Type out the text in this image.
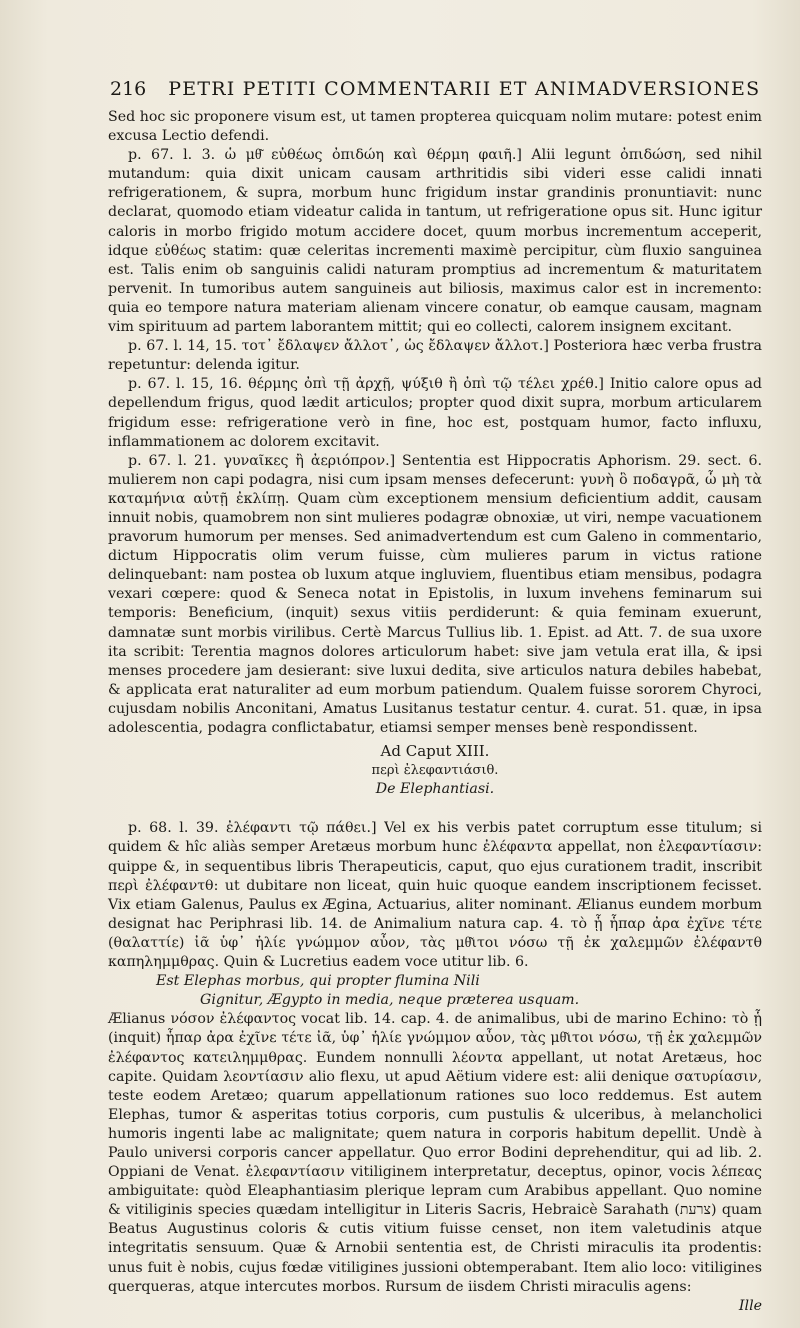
216 PETRI PETITI COMMENTARII ET ANIMADVERSIONES

Sed hoc sic proponere visum est, ut tamen propterea quicquam nolim mutare: potest enim excusa Lectio defendi.

p. 67. l. 3. ὡ μθ͂ εὐθέως ὀπιδώη καὶ θέρμη φαιῆ.] Alii legunt ὀπιδώση, sed nihil mutandum: quia dixit unicam causam arthritidis sibi videri esse calidi innati refrigerationem, & supra, morbum hunc frigidum instar grandinis pronuntiavit: nunc declarat, quomodo etiam videatur calida in tantum, ut refrigeratione opus sit. Hunc igitur caloris in morbo frigido motum accidere docet, quum morbus incrementum acceperit, idque εὐθέως statim: quæ celeritas incrementi maximè percipitur, cùm fluxio sanguinea est. Talis enim ob sanguinis calidi naturam promptius ad incrementum & maturitatem pervenit. In tumoribus autem sanguineis aut biliosis, maximus calor est in incremento: quia eo tempore natura materiam alienam vincere conatur, ob eamque causam, magnam vim spirituum ad partem laborantem mittit; qui eo collecti, calorem insignem excitant.

p. 67. l. 14, 15. τοτ᾽ ἔδλαψεν ἄλλοτ᾽, ὡς ἔδλαψεν ἄλλοτ.] Posteriora hæc verba frustra repetuntur: delenda igitur.

p. 67. l. 15, 16. θέρμης ὀπὶ τῇ ἀρχῇ, ψύξιθ ἢ ὀπὶ τῷ τέλει χρέθ.] Initio calore opus ad depellendum frigus, quod lædit articulos; propter quod dixit supra, morbum articularem frigidum esse: refrigeratione verò in fine, hoc est, postquam humor, facto influxu, inflammationem ac dolorem excitavit.

p. 67. l. 21. γυναῖκες ἢ ἀεριόπρον.] Sententia est Hippocratis Aphorism. 29. sect. 6. mulierem non capi podagra, nisi cum ipsam menses defecerunt: γυνὴ ὃ ποδαγρᾶ, ὧ μὴ τὰ καταμήνια αὐτῇ ἐκλίπῃ. Quam cùm exceptionem mensium deficientium addit, causam innuit nobis, quamobrem non sint mulieres podagræ obnoxiæ, ut viri, nempe vacuationem pravorum humorum per menses. Sed animadvertendum est cum Galeno in commentario, dictum Hippocratis olim verum fuisse, cùm mulieres parum in victus ratione delinquebant: nam postea ob luxum atque ingluviem, fluentibus etiam mensibus, podagra vexari cœpere: quod & Seneca notat in Epistolis, in luxum invehens feminarum sui temporis: Beneficium, (inquit) sexus vitiis perdiderunt: & quia feminam exuerunt, damnatæ sunt morbis virilibus. Certè Marcus Tullius lib. 1. Epist. ad Att. 7. de sua uxore ita scribit: Terentia magnos dolores articulorum habet: sive jam vetula erat illa, & ipsi menses procedere jam desierant: sive luxui dedita, sive articulos natura debiles habebat, & applicata erat naturaliter ad eum morbum patiendum. Qualem fuisse sororem Chyroci, cujusdam nobilis Anconitani, Amatus Lusitanus testatur centur. 4. curat. 51. quæ, in ipsa adolescentia, podagra conflictabatur, etiamsi semper menses benè respondissent.

Ad Caput XIII.

περὶ ἐλεφαντιάσιθ.

De Elephantiasi.

p. 68. l. 39. ἐλέφαντι τῷ πάθει.] Vel ex his verbis patet corruptum esse titulum; si quidem & hîc aliàs semper Aretæus morbum hunc ἐλέφαντα appellat, non ἐλεφαντίασιν: quippe &, in sequentibus libris Therapeuticis, caput, quo ejus curationem tradit, inscribit περὶ ἐλέφαντθ: ut dubitare non liceat, quin huic quoque eandem inscriptionem fecisset. Vix etiam Galenus, Paulus ex Ægina, Actuarius, aliter nominant. Ælianus eundem morbum designat hac Periphrasi lib. 14. de Animalium natura cap. 4. τὸ ᾗ ἧπαρ ἀρα ἐχῖνε τέτε (θαλαττίε) ἰᾶ ὑφ᾽ ἡλίε γνώμμον αὖον, τὰς μθ͂ιτοι νόσω τῇ ἐκ χαλεμμῶν ἐλέφαντθ καπηλημμθρας. Quin & Lucretius eadem voce utitur lib. 6.

Est Elephas morbus, qui propter flumina Nili

Gignitur, Ægypto in media, neque præterea usquam.

Ælianus νόσον ἐλέφαντος vocat lib. 14. cap. 4. de animalibus, ubi de marino Echino: τὸ ᾗ (inquit) ἧπαρ ἀρα ἐχῖνε τέτε ἰᾶ, ὑφ᾽ ἡλίε γνώμμον αὖον, τὰς μθ͂ιτοι νόσω, τῇ ἐκ χαλεμμῶν ἐλέφαντος κατειλημμθρας. Eundem nonnulli λέοντα appellant, ut notat Aretæus, hoc capite. Quidam λεοντίασιν alio flexu, ut apud Aëtium videre est: alii denique σατυρίασιν, teste eodem Aretæo; quarum appellationum rationes suo loco reddemus. Est autem Elephas, tumor & asperitas totius corporis, cum pustulis & ulceribus, à melancholici humoris ingenti labe ac malignitate; quem natura in corporis habitum depellit. Undè à Paulo universi corporis cancer appellatur. Quo error Bodini deprehenditur, qui ad lib. 2. Oppiani de Venat. ἐλεφαντίασιν vitiliginem interpretatur, deceptus, opinor, vocis λέπεας ambiguitate: quòd Eleaphantiasim plerique lepram cum Arabibus appellant. Quo nomine & vitiliginis species quædam intelligitur in Literis Sacris, Hebraicè Sarahath (צרעת) quam Beatus Augustinus coloris & cutis vitium fuisse censet, non item valetudinis atque integritatis sensuum. Quæ & Arnobii sententia est, de Christi miraculis ita prodentis: unus fuit è nobis, cujus fœdæ vitiligines jussioni obtemperabant. Item alio loco: vitiligines querqueras, atque intercutes morbos. Rursum de iisdem Christi miraculis agens:

Ille
